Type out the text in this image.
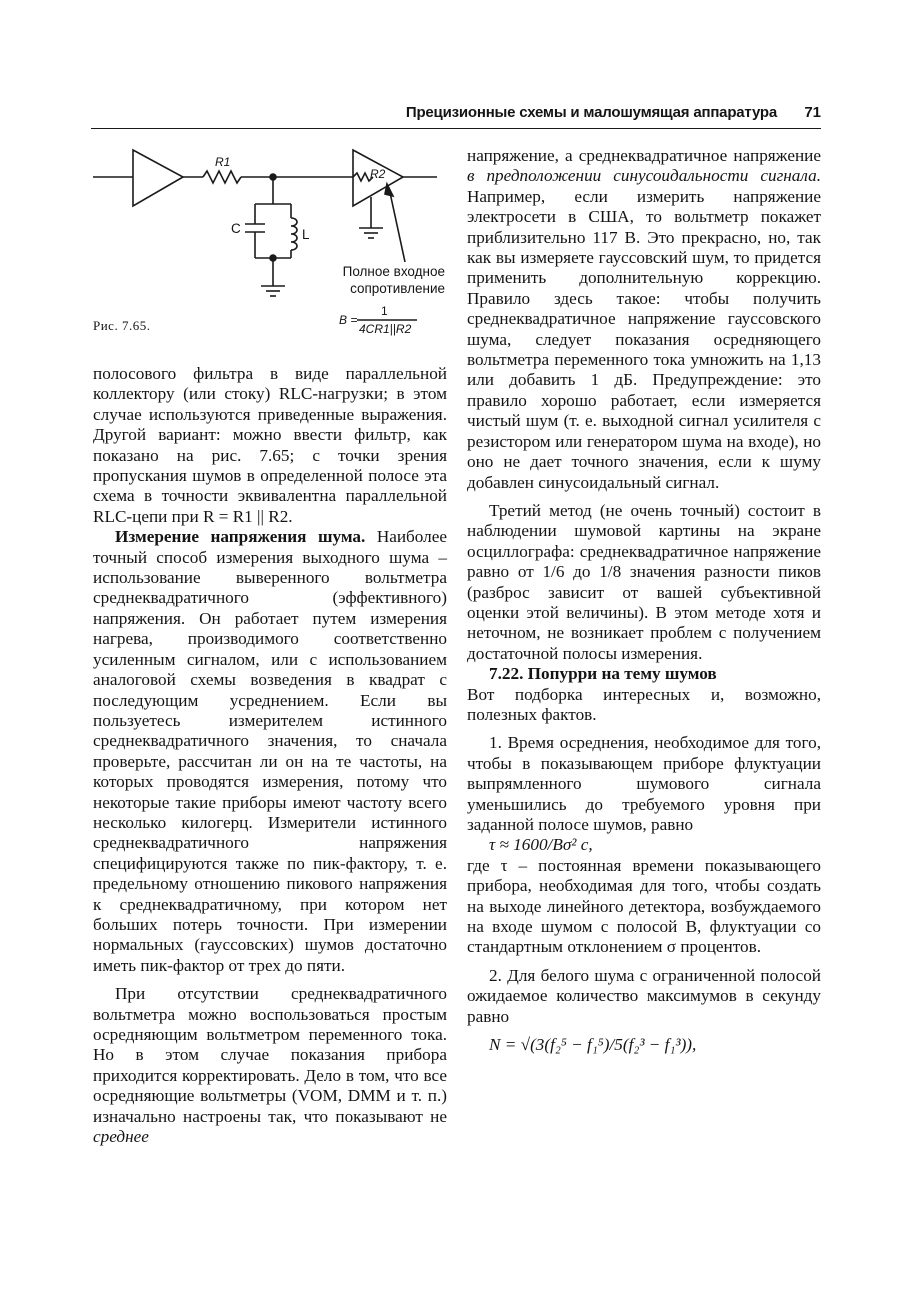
Прецизионные схемы и малошумящая аппаратура 71
R1
R2
C	L
Полное входное
сопротивление
B =
1
4CR1||R2
Рис. 7.65.

полосового фильтра в виде параллельной коллектору (или стоку) RLC-нагрузки; в этом случае используются приведенные выражения. Другой вариант: можно ввести фильтр, как показано на рис. 7.65; с точки зрения пропускания шумов в определенной полосе эта схема в точности эквивалентна параллельной RLC-цепи при R = R1 || R2.

Измерение напряжения шума. Наиболее точный способ измерения выходного шума – использование выверенного вольтметра среднеквадратичного (эффективного) напряжения. Он работает путем измерения нагрева, производимого соответственно усиленным сигналом, или с использованием аналоговой схемы возведения в квадрат с последующим усреднением. Если вы пользуетесь измерителем истинного среднеквадратичного значения, то сначала проверьте, рассчитан ли он на те частоты, на которых проводятся измерения, потому что некоторые такие приборы имеют частоту всего несколько килогерц. Измерители истинного среднеквадратичного напряжения специфицируются также по пик-фактору, т. е. предельному отношению пикового напряжения к среднеквадратичному, при котором нет больших потерь точности. При измерении нормальных (гауссовских) шумов достаточно иметь пик-фактор от трех до пяти.

При отсутствии среднеквадратичного вольтметра можно воспользоваться простым осредняющим вольтметром переменного тока. Но в этом случае показания прибора приходится корректировать. Дело в том, что все осредняющие вольтметры (VOM, DMM и т. п.) изначально настроены так, что показывают не среднее

напряжение, а среднеквадратичное напряжение в предположении синусоидальности сигнала. Например, если измерить напряжение электросети в США, то вольтметр покажет приблизительно 117 В. Это прекрасно, но, так как вы измеряете гауссовский шум, то придется применить дополнительную коррекцию. Правило здесь такое: чтобы получить среднеквадратичное напряжение гауссовского шума, следует показания осредняющего вольтметра переменного тока умножить на 1,13 или добавить 1 дБ. Предупреждение: это правило хорошо работает, если измеряется чистый шум (т. е. выходной сигнал усилителя с резистором или генератором шума на входе), но оно не дает точного значения, если к шуму добавлен синусоидальный сигнал.

Третий метод (не очень точный) состоит в наблюдении шумовой картины на экране осциллографа: среднеквадратичное напряжение равно от 1/6 до 1/8 значения разности пиков (разброс зависит от вашей субъективной оценки этой величины). В этом методе хотя и неточном, не возникает проблем с получением достаточной полосы измерения.

7.22. Попурри на тему шумов

Вот подборка интересных и, возможно, полезных фактов.

1. Время осреднения, необходимое для того, чтобы в показывающем приборе флуктуации выпрямленного шумового сигнала уменьшились до требуемого уровня при заданной полосе шумов, равно

τ ≈ 1600/Bσ² c,

где τ – постоянная времени показывающего прибора, необходимая для того, чтобы создать на выходе линейного детектора, возбуждаемого на входе шумом с полосой B, флуктуации со стандартным отклонением σ процентов.

2. Для белого шума с ограниченной полосой ожидаемое количество максимумов в секунду равно

N = √(3(f₂⁵ − f₁⁵)/5(f₂³ − f₁³)),
